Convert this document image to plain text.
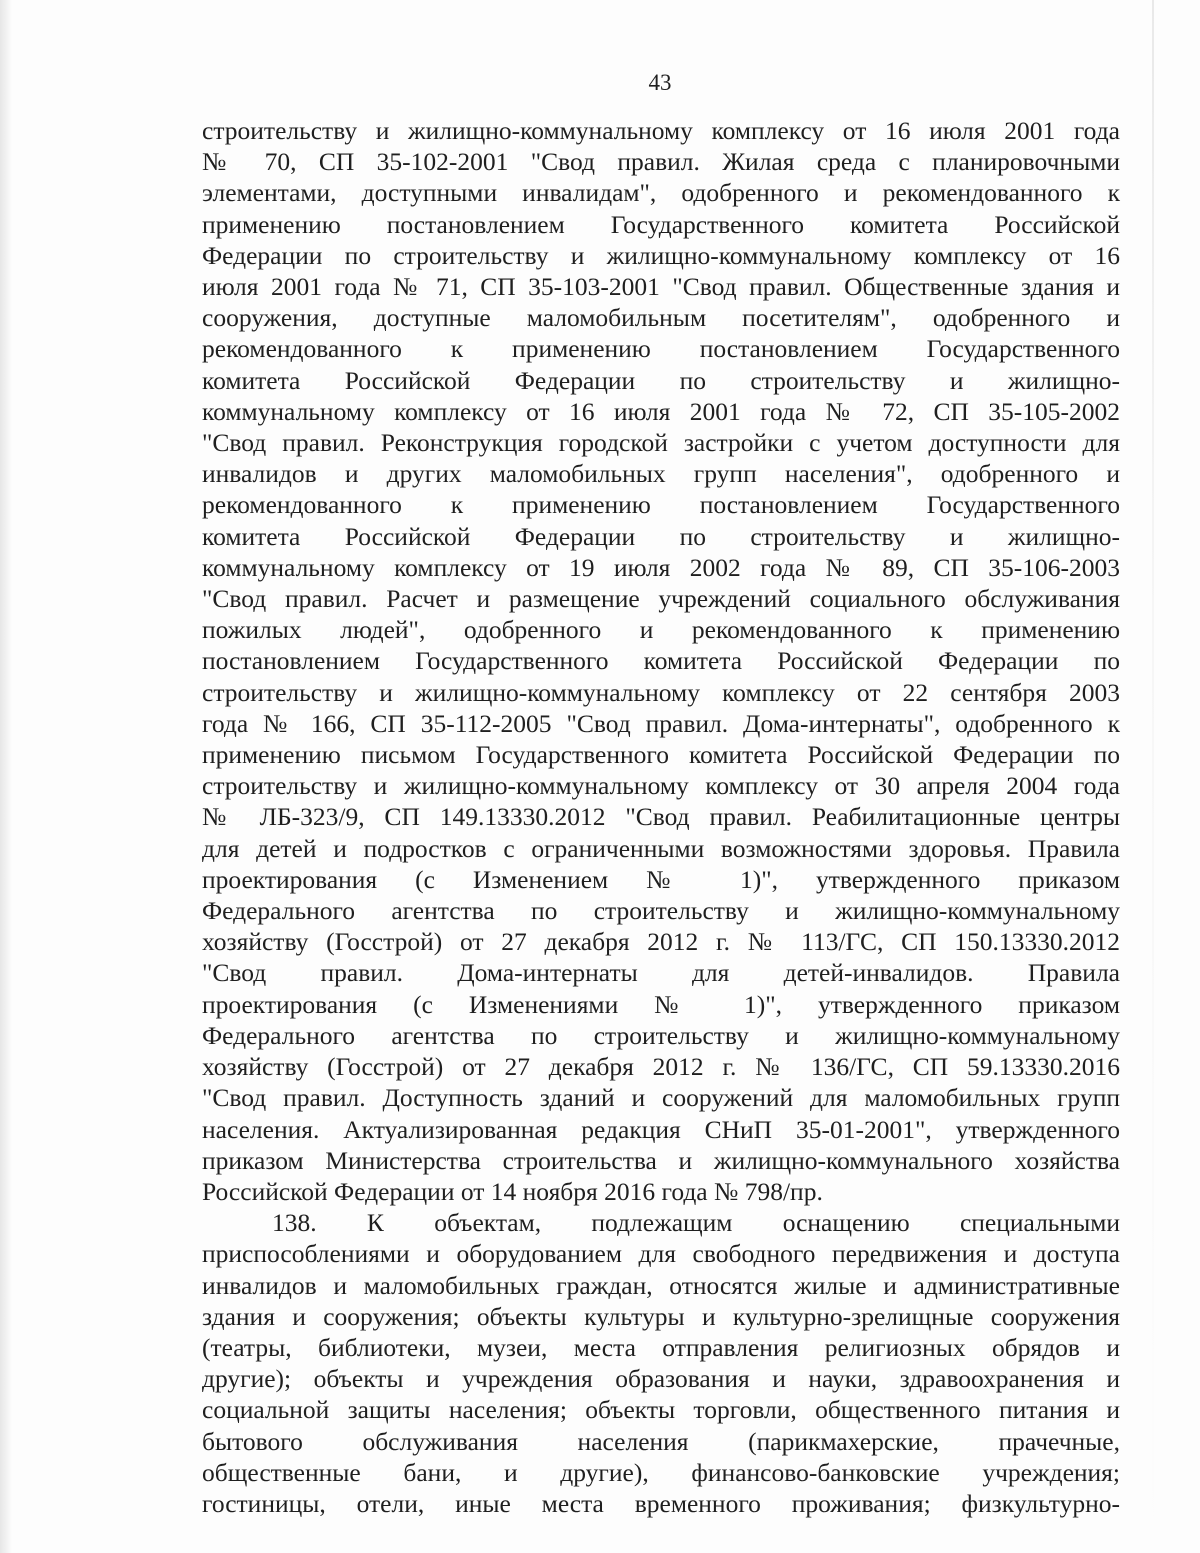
43

строительству и жилищно-коммунальному комплексу от 16 июля 2001 года
№ 70, СП 35-102-2001 "Свод правил. Жилая среда с планировочными
элементами, доступными инвалидам", одобренного и рекомендованного к
применению постановлением Государственного комитета Российской
Федерации по строительству и жилищно-коммунальному комплексу от 16
июля 2001 года № 71, СП 35-103-2001 "Свод правил. Общественные здания и
сооружения, доступные маломобильным посетителям", одобренного и
рекомендованного к применению постановлением Государственного
комитета Российской Федерации по строительству и жилищно-
коммунальному комплексу от 16 июля 2001 года № 72, СП 35-105-2002
"Свод правил. Реконструкция городской застройки с учетом доступности для
инвалидов и других маломобильных групп населения", одобренного и
рекомендованного к применению постановлением Государственного
комитета Российской Федерации по строительству и жилищно-
коммунальному комплексу от 19 июля 2002 года № 89, СП 35-106-2003
"Свод правил. Расчет и размещение учреждений социального обслуживания
пожилых людей", одобренного и рекомендованного к применению
постановлением Государственного комитета Российской Федерации по
строительству и жилищно-коммунальному комплексу от 22 сентября 2003
года № 166, СП 35-112-2005 "Свод правил. Дома-интернаты", одобренного к
применению письмом Государственного комитета Российской Федерации по
строительству и жилищно-коммунальному комплексу от 30 апреля 2004 года
№ ЛБ-323/9, СП 149.13330.2012 "Свод правил. Реабилитационные центры
для детей и подростков с ограниченными возможностями здоровья. Правила
проектирования (с Изменением № 1)", утвержденного приказом
Федерального агентства по строительству и жилищно-коммунальному
хозяйству (Госстрой) от 27 декабря 2012 г. № 113/ГС, СП 150.13330.2012
"Свод правил. Дома-интернаты для детей-инвалидов. Правила
проектирования (с Изменениями № 1)", утвержденного приказом
Федерального агентства по строительству и жилищно-коммунальному
хозяйству (Госстрой) от 27 декабря 2012 г. № 136/ГС, СП 59.13330.2016
"Свод правил. Доступность зданий и сооружений для маломобильных групп
населения. Актуализированная редакция СНиП 35-01-2001", утвержденного
приказом Министерства строительства и жилищно-коммунального хозяйства
Российской Федерации от 14 ноября 2016 года № 798/пр.

138. К объектам, подлежащим оснащению специальными
приспособлениями и оборудованием для свободного передвижения и доступа
инвалидов и маломобильных граждан, относятся жилые и административные
здания и сооружения; объекты культуры и культурно-зрелищные сооружения
(театры, библиотеки, музеи, места отправления религиозных обрядов и
другие); объекты и учреждения образования и науки, здравоохранения и
социальной защиты населения; объекты торговли, общественного питания и
бытового обслуживания населения (парикмахерские, прачечные,
общественные бани, и другие), финансово-банковские учреждения;
гостиницы, отели, иные места временного проживания; физкультурно-
